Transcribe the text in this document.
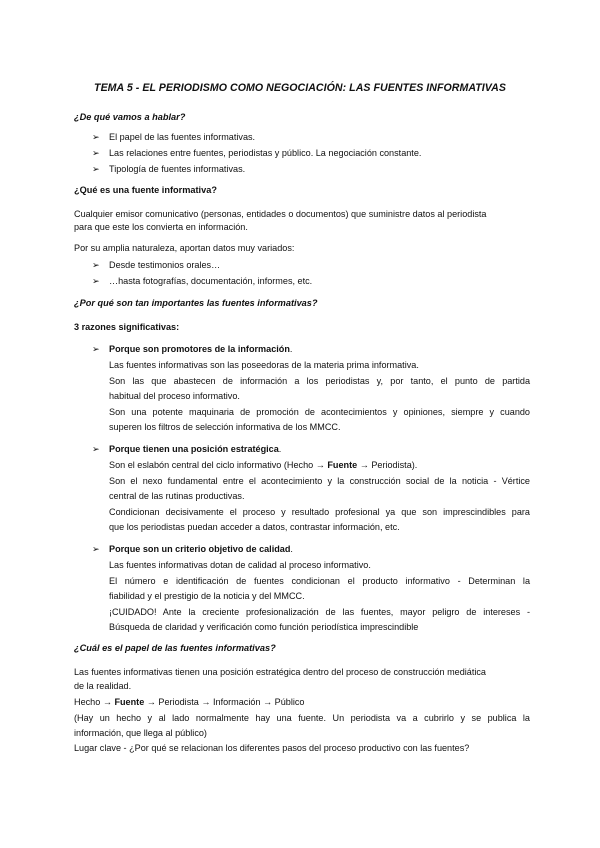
TEMA 5 - EL PERIODISMO COMO NEGOCIACIÓN: LAS FUENTES INFORMATIVAS
¿De qué vamos a hablar?
➢ El papel de las fuentes informativas.
➢ Las relaciones entre fuentes, periodistas y público. La negociación constante.
➢ Tipología de fuentes informativas.
¿Qué es una fuente informativa?
Cualquier emisor comunicativo (personas, entidades o documentos) que suministre datos al periodista
para que este los convierta en información.
Por su amplia naturaleza, aportan datos muy variados:
➢ Desde testimonios orales…
➢ …hasta fotografías, documentación, informes, etc.
¿Por qué son tan importantes las fuentes informativas?
3 razones significativas:
➢ Porque son promotores de la información.
Las fuentes informativas son las poseedoras de la materia prima informativa.
Son las que abastecen de información a los periodistas y, por tanto, el punto de partida
habitual del proceso informativo.
Son una potente maquinaria de promoción de acontecimientos y opiniones, siempre y cuando
superen los filtros de selección informativa de los MMCC.
➢ Porque tienen una posición estratégica.
Son el eslabón central del ciclo informativo (Hecho → Fuente → Periodista).
Son el nexo fundamental entre el acontecimiento y la construcción social de la noticia - Vértice
central de las rutinas productivas.
Condicionan decisivamente el proceso y resultado profesional ya que son imprescindibles para
que los periodistas puedan acceder a datos, contrastar información, etc.
➢ Porque son un criterio objetivo de calidad.
Las fuentes informativas dotan de calidad al proceso informativo.
El número e identificación de fuentes condicionan el producto informativo - Determinan la
fiabilidad y el prestigio de la noticia y del MMCC.
¡CUIDADO! Ante la creciente profesionalización de las fuentes, mayor peligro de intereses -
Búsqueda de claridad y verificación como función periodística imprescindible
¿Cuál es el papel de las fuentes informativas?
Las fuentes informativas tienen una posición estratégica dentro del proceso de construcción mediática
de la realidad.
Hecho → Fuente → Periodista → Información → Público
(Hay un hecho y al lado normalmente hay una fuente. Un periodista va a cubrirlo y se publica la
información, que llega al público)
Lugar clave - ¿Por qué se relacionan los diferentes pasos del proceso productivo con las fuentes?
